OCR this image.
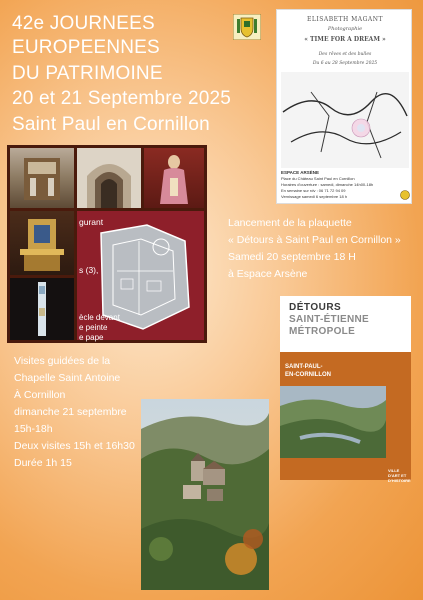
42e JOURNEES
EUROPEENNES
DU PATRIMOINE
20 et 21 Septembre 2025
Saint Paul en Cornillon
gurant
s (3),
ècle devant
e peinte
e pape
ELISABETH MAGANT
Photographie
« TIME FOR A DREAM »
Des rêves et des bulles
Du 6 au 28 Septembre 2025
ESPACE ARSÈNE
Place du Château Saint Paul en Cornillon
Horaires d'ouverture : samedi, dimanche 14h00-18h
En semaine sur rdv : 06 71 72 94 09
Vernissage samedi 6 septembre 18 h
Lancement de la plaquette
« Détours à Saint Paul en Cornillon »
Samedi 20 septembre 18 H
à Espace Arsène
DÉTOURS
SAINT-ÉTIENNE
MÉTROPOLE
SAINT-PAUL-
EN-CORNILLON
VILLE D'ART ET D'HISTOIRE
Visites guidées de la
Chapelle Saint Antoine
À Cornillon
dimanche 21 septembre
15h-18h
Deux visites 15h et 16h30
Durée 1h 15
